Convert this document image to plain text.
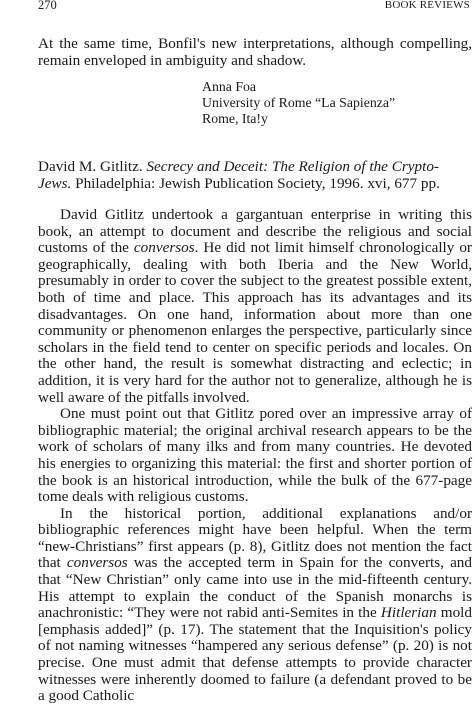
270	BOOK REVIEWS
At the same time, Bonfil's new interpretations, although compelling, remain enveloped in ambiguity and shadow.
Anna Foa
University of Rome “La Sapienza”
Rome, Ita!y
David M. Gitlitz. Secrecy and Deceit: The Religion of the Crypto-Jews. Philadelphia: Jewish Publication Society, 1996. xvi, 677 pp.

David Gitlitz undertook a gargantuan enterprise in writing this book, an attempt to document and describe the religious and social customs of the conversos. He did not limit himself chronologically or geographically, dealing with both Iberia and the New World, presumably in order to cover the subject to the greatest possible extent, both of time and place. This approach has its advantages and its disadvantages. On one hand, information about more than one community or phenomenon enlarges the perspective, particularly since scholars in the field tend to center on specific periods and locales. On the other hand, the result is somewhat distracting and eclectic; in addition, it is very hard for the author not to generalize, although he is well aware of the pitfalls involved.

One must point out that Gitlitz pored over an impressive array of bibliographic material; the original archival research appears to be the work of scholars of many ilks and from many countries. He devoted his energies to organizing this material: the first and shorter portion of the book is an historical introduction, while the bulk of the 677-page tome deals with religious customs.

In the historical portion, additional explanations and/or bibliographic references might have been helpful. When the term “new-Christians” first appears (p. 8), Gitlitz does not mention the fact that conversos was the accepted term in Spain for the converts, and that “New Christian” only came into use in the mid-fifteenth century. His attempt to explain the conduct of the Spanish monarchs is anachronistic: “They were not rabid anti-Semites in the Hitlerian mold [emphasis added]” (p. 17). The statement that the Inquisition's policy of not naming witnesses “hampered any serious defense” (p. 20) is not precise. One must admit that defense attempts to provide character witnesses were inherently doomed to failure (a defendant proved to be a good Catholic
